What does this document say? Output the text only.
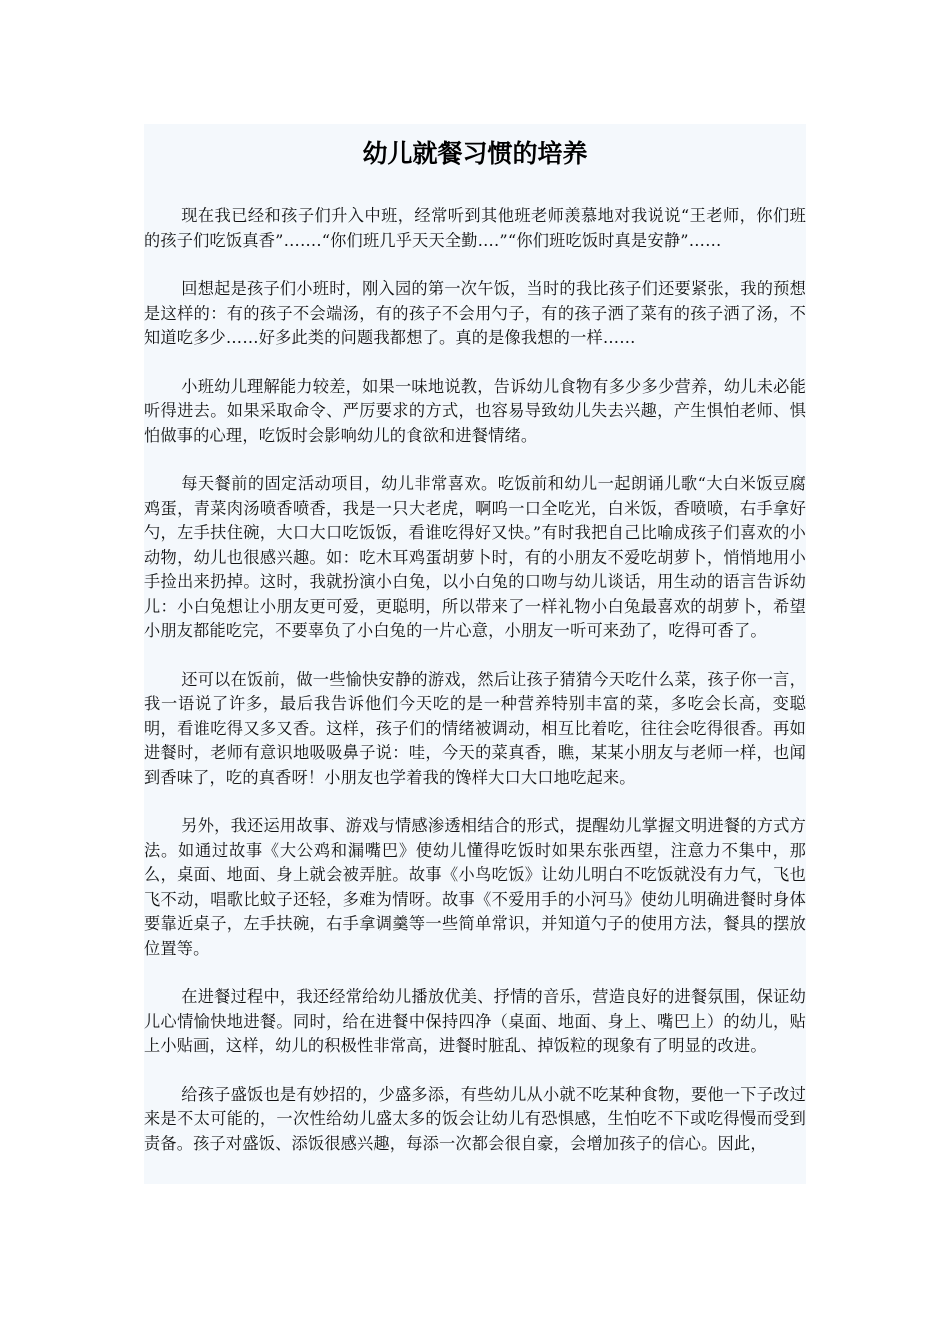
幼儿就餐习惯的培养

现在我已经和孩子们升入中班，经常听到其他班老师羡慕地对我说说“王老师，你们班的孩子们吃饭真香”…….“你们班几乎天天全勤….”“你们班吃饭时真是安静”……

回想起是孩子们小班时，刚入园的第一次午饭，当时的我比孩子们还要紧张，我的预想是这样的：有的孩子不会端汤，有的孩子不会用勺子，有的孩子洒了菜有的孩子洒了汤，不知道吃多少……好多此类的问题我都想了。真的是像我想的一样……

小班幼儿理解能力较差，如果一味地说教，告诉幼儿食物有多少多少营养，幼儿未必能听得进去。如果采取命令、严厉要求的方式，也容易导致幼儿失去兴趣，产生惧怕老师、惧怕做事的心理，吃饭时会影响幼儿的食欲和进餐情绪。

每天餐前的固定活动项目，幼儿非常喜欢。吃饭前和幼儿一起朗诵儿歌“大白米饭豆腐鸡蛋，青菜肉汤喷香喷香，我是一只大老虎，啊呜一口全吃光，白米饭，香喷喷，右手拿好勺，左手扶住碗，大口大口吃饭饭，看谁吃得好又快。”有时我把自己比喻成孩子们喜欢的小动物，幼儿也很感兴趣。如：吃木耳鸡蛋胡萝卜时，有的小朋友不爱吃胡萝卜，悄悄地用小手捡出来扔掉。这时，我就扮演小白兔，以小白兔的口吻与幼儿谈话，用生动的语言告诉幼儿：小白兔想让小朋友更可爱，更聪明，所以带来了一样礼物小白兔最喜欢的胡萝卜，希望小朋友都能吃完，不要辜负了小白兔的一片心意，小朋友一听可来劲了，吃得可香了。

还可以在饭前，做一些愉快安静的游戏，然后让孩子猜猜今天吃什么菜，孩子你一言，我一语说了许多，最后我告诉他们今天吃的是一种营养特别丰富的菜，多吃会长高，变聪明，看谁吃得又多又香。这样，孩子们的情绪被调动，相互比着吃，往往会吃得很香。再如进餐时，老师有意识地吸吸鼻子说：哇，今天的菜真香，瞧，某某小朋友与老师一样，也闻到香味了，吃的真香呀！小朋友也学着我的馋样大口大口地吃起来。

另外，我还运用故事、游戏与情感渗透相结合的形式，提醒幼儿掌握文明进餐的方式方法。如通过故事《大公鸡和漏嘴巴》使幼儿懂得吃饭时如果东张西望，注意力不集中，那么，桌面、地面、身上就会被弄脏。故事《小鸟吃饭》让幼儿明白不吃饭就没有力气，飞也飞不动，唱歌比蚊子还轻，多难为情呀。故事《不爱用手的小河马》使幼儿明确进餐时身体要靠近桌子，左手扶碗，右手拿调羹等一些简单常识，并知道勺子的使用方法，餐具的摆放位置等。

在进餐过程中，我还经常给幼儿播放优美、抒情的音乐，营造良好的进餐氛围，保证幼儿心情愉快地进餐。同时，给在进餐中保持四净（桌面、地面、身上、嘴巴上）的幼儿，贴上小贴画，这样，幼儿的积极性非常高，进餐时脏乱、掉饭粒的现象有了明显的改进。

给孩子盛饭也是有妙招的，少盛多添，有些幼儿从小就不吃某种食物，要他一下子改过来是不太可能的，一次性给幼儿盛太多的饭会让幼儿有恐惧感，生怕吃不下或吃得慢而受到责备。孩子对盛饭、添饭很感兴趣，每添一次都会很自豪，会增加孩子的信心。因此，
